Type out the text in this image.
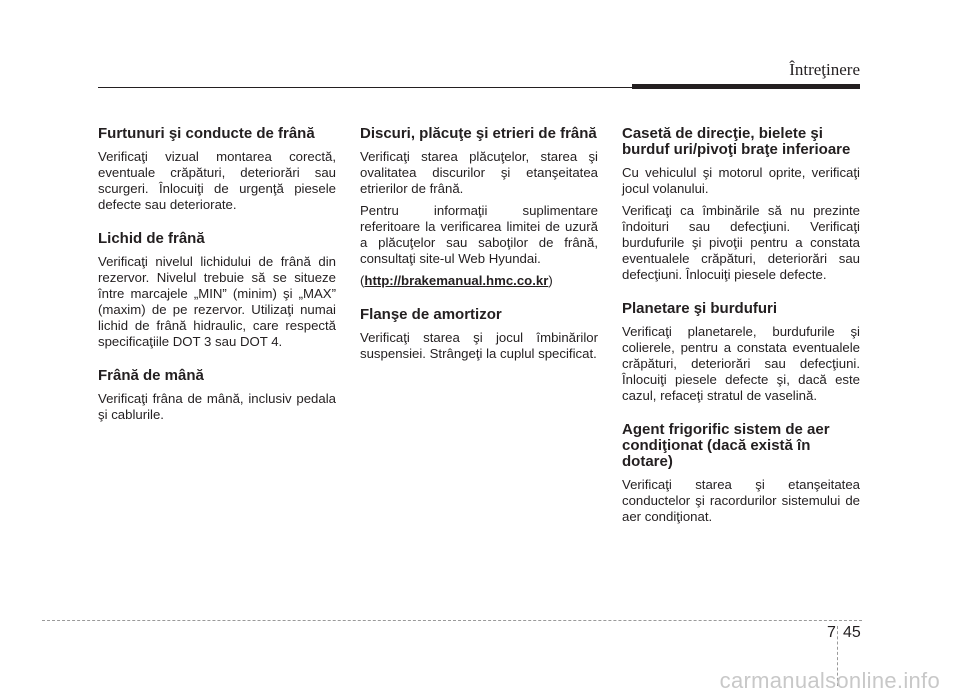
Întreţinere
Furtunuri şi conducte de frână

Verificaţi vizual montarea corectă, eventuale crăpături, deteriorări sau scurgeri. Înlocuiţi de urgenţă piesele defecte sau deteriorate.

Lichid de frână

Verificaţi nivelul lichidului de frână din rezervor. Nivelul trebuie să se situeze între marcajele „MIN” (minim) şi „MAX” (maxim) de pe rezervor. Utilizaţi numai lichid de frână hidraulic, care respectă specificaţiile DOT 3 sau DOT 4.

Frână de mână

Verificaţi frâna de mână, inclusiv pedala şi cablurile.

Discuri, plăcuţe şi etrieri de frână

Verificaţi starea plăcuţelor, starea şi ovalitatea discurilor şi etanşeitatea etrierilor de frână.

Pentru informaţii suplimentare referitoare la verificarea limitei de uzură a plăcuţelor sau saboţilor de frână, consultaţi site-ul Web Hyundai.

(http://brakemanual.hmc.co.kr)

Flanşe de amortizor

Verificaţi starea şi jocul îmbinărilor suspensiei. Strângeţi la cuplul specificat.

Casetă de direcţie, bielete şi burduf uri/pivoţi braţe inferioare

Cu vehiculul şi motorul oprite, verificaţi jocul volanului.

Verificaţi ca îmbinările să nu prezinte îndoituri sau defecţiuni. Verificaţi burdufurile şi pivoţii pentru a constata eventualele crăpături, deteriorări sau defecţiuni. Înlocuiţi piesele defecte.

Planetare şi burdufuri

Verificaţi planetarele, burdufurile şi colierele, pentru a constata eventualele crăpături, deteriorări sau defecţiuni. Înlocuiţi piesele defecte şi, dacă este cazul, refaceţi stratul de vaselină.

Agent frigorific sistem de aer condiţionat (dacă există în dotare)

Verificaţi starea şi etanşeitatea conductelor şi racordurilor sistemului de aer condiţionat.

7 45
carmanualsonline.info
